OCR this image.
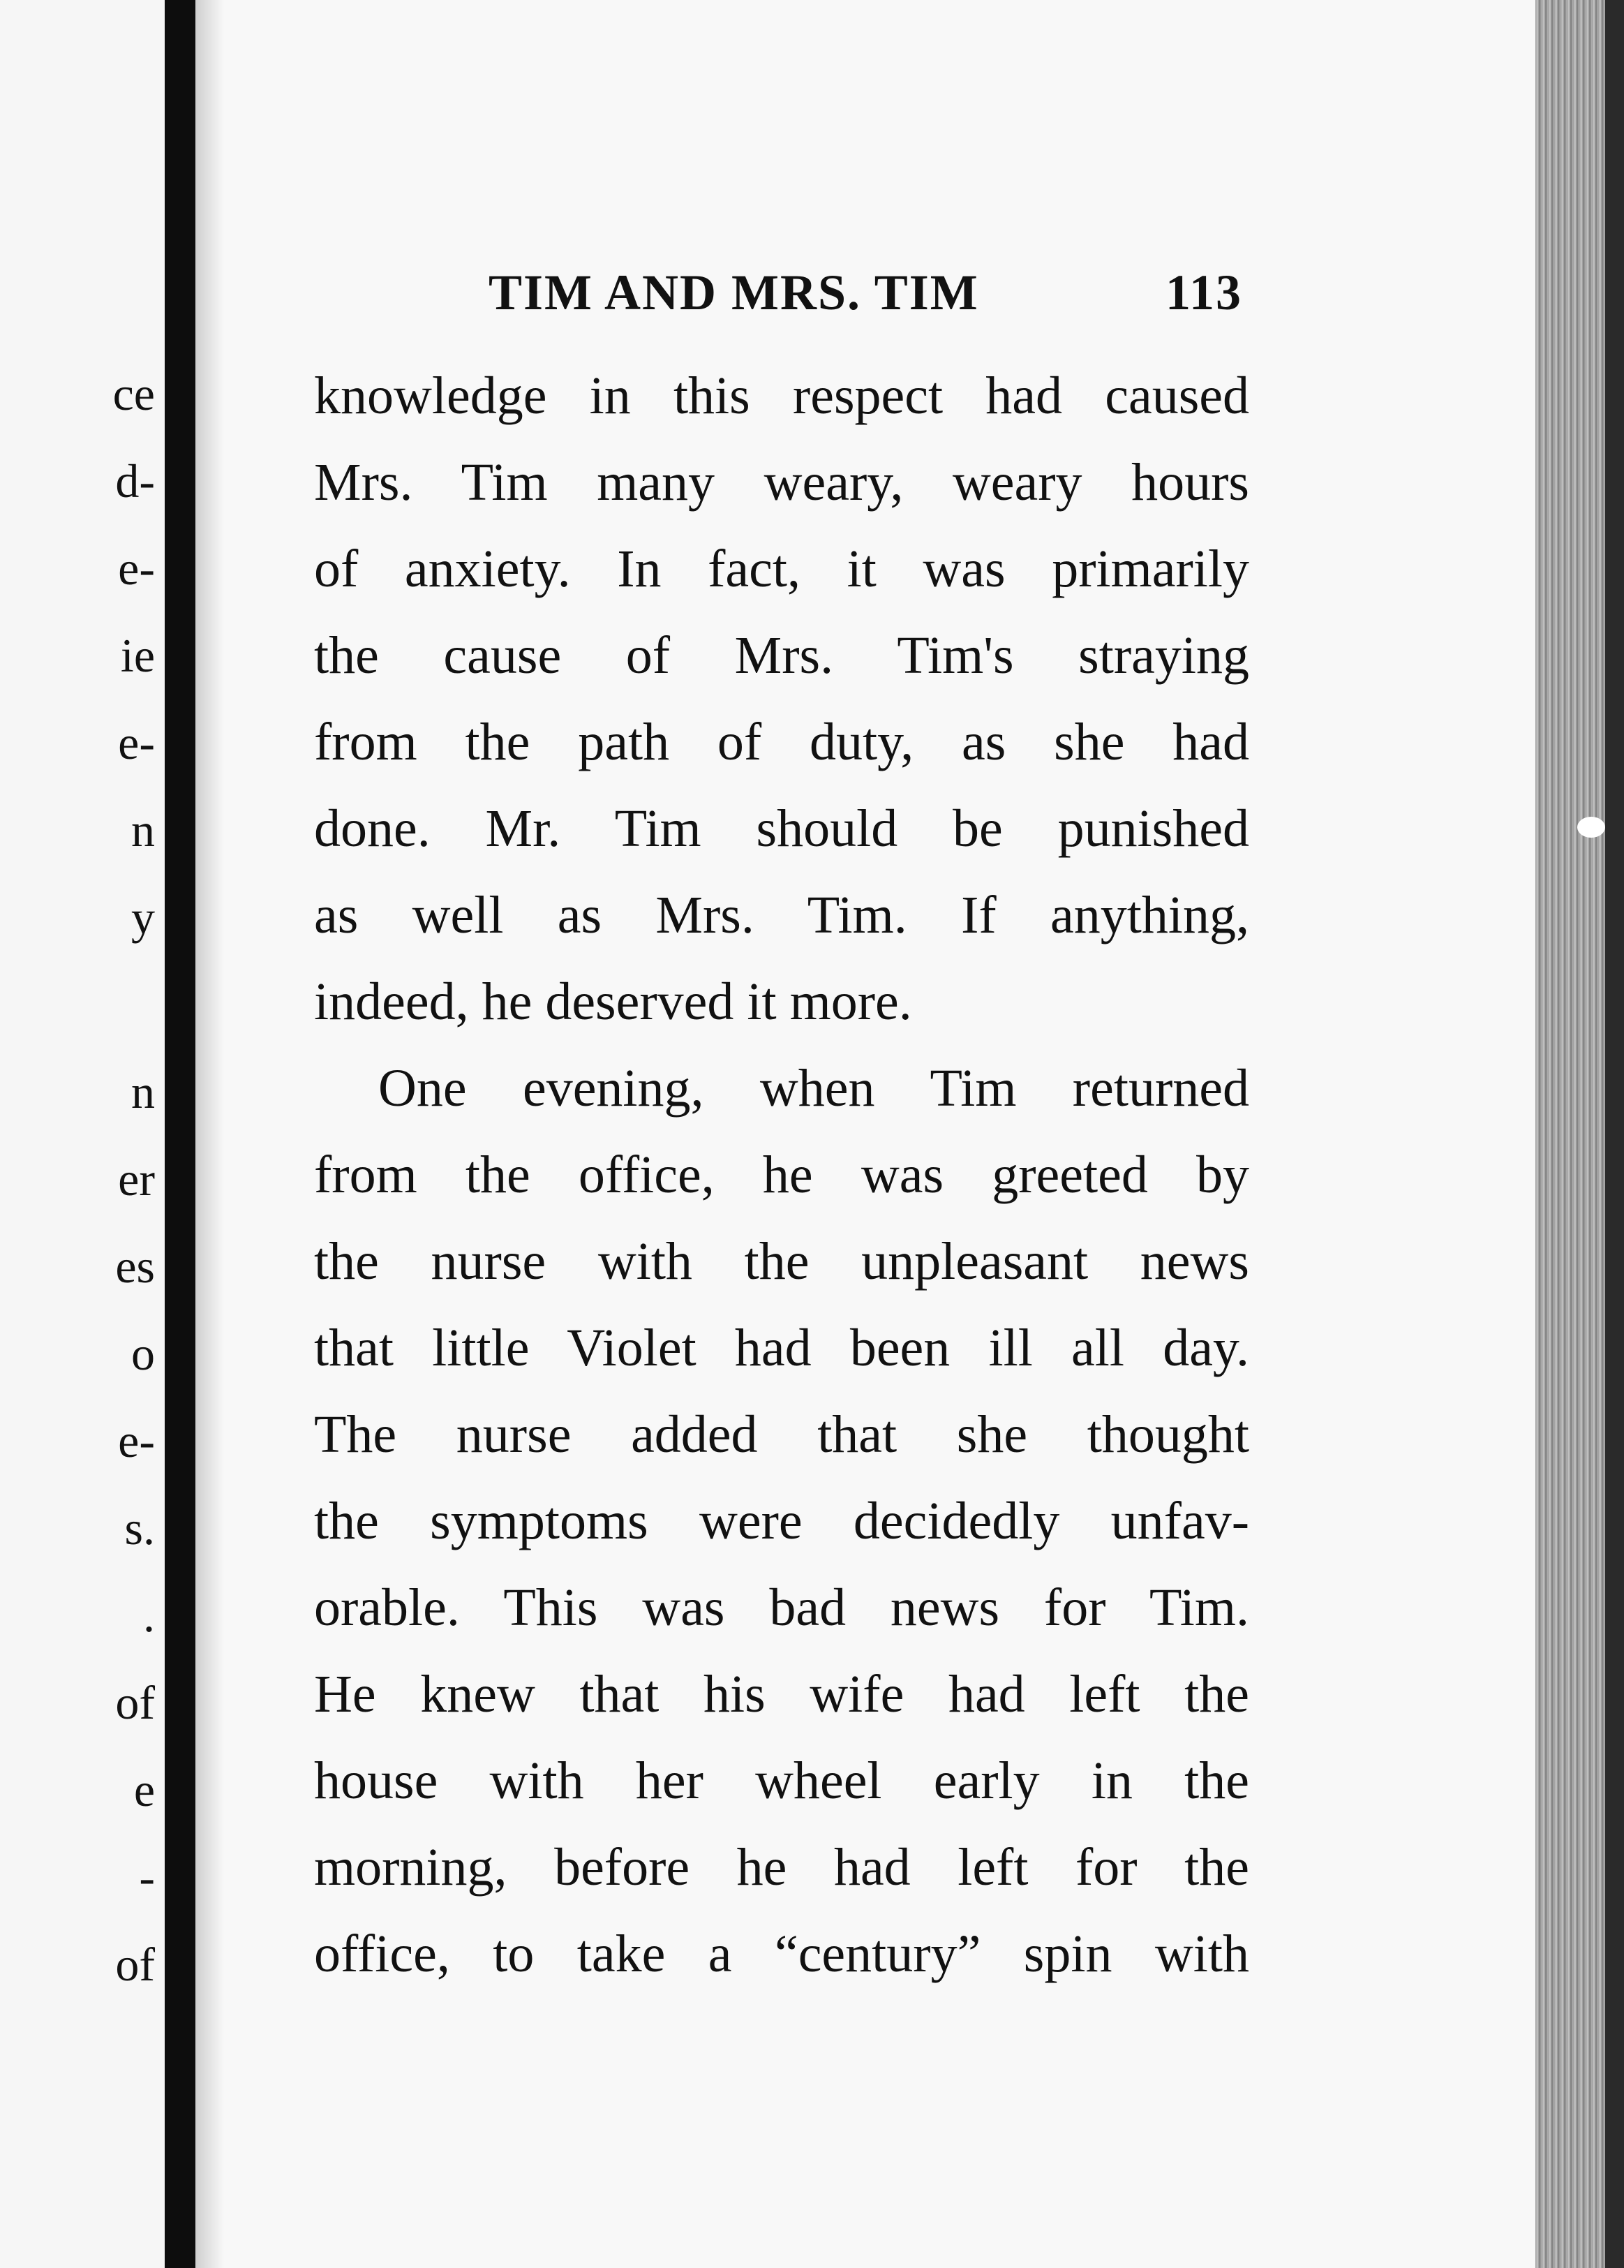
ce
d-
e-
ie
e-
n
y
n
er
es
o
e-
s.
.
of
e
-
of
TIM AND MRS. TIM	113
knowledge in this respect had caused
Mrs. Tim many weary, weary hours
of anxiety. In fact, it was primarily
the cause of Mrs. Tim's straying
from the path of duty, as she had
done. Mr. Tim should be punished
as well as Mrs. Tim. If anything,
indeed, he deserved it more.
One evening, when Tim returned
from the office, he was greeted by
the nurse with the unpleasant news
that little Violet had been ill all day.
The nurse added that she thought
the symptoms were decidedly unfav-
orable. This was bad news for Tim.
He knew that his wife had left the
house with her wheel early in the
morning, before he had left for the
office, to take a “century” spin with
